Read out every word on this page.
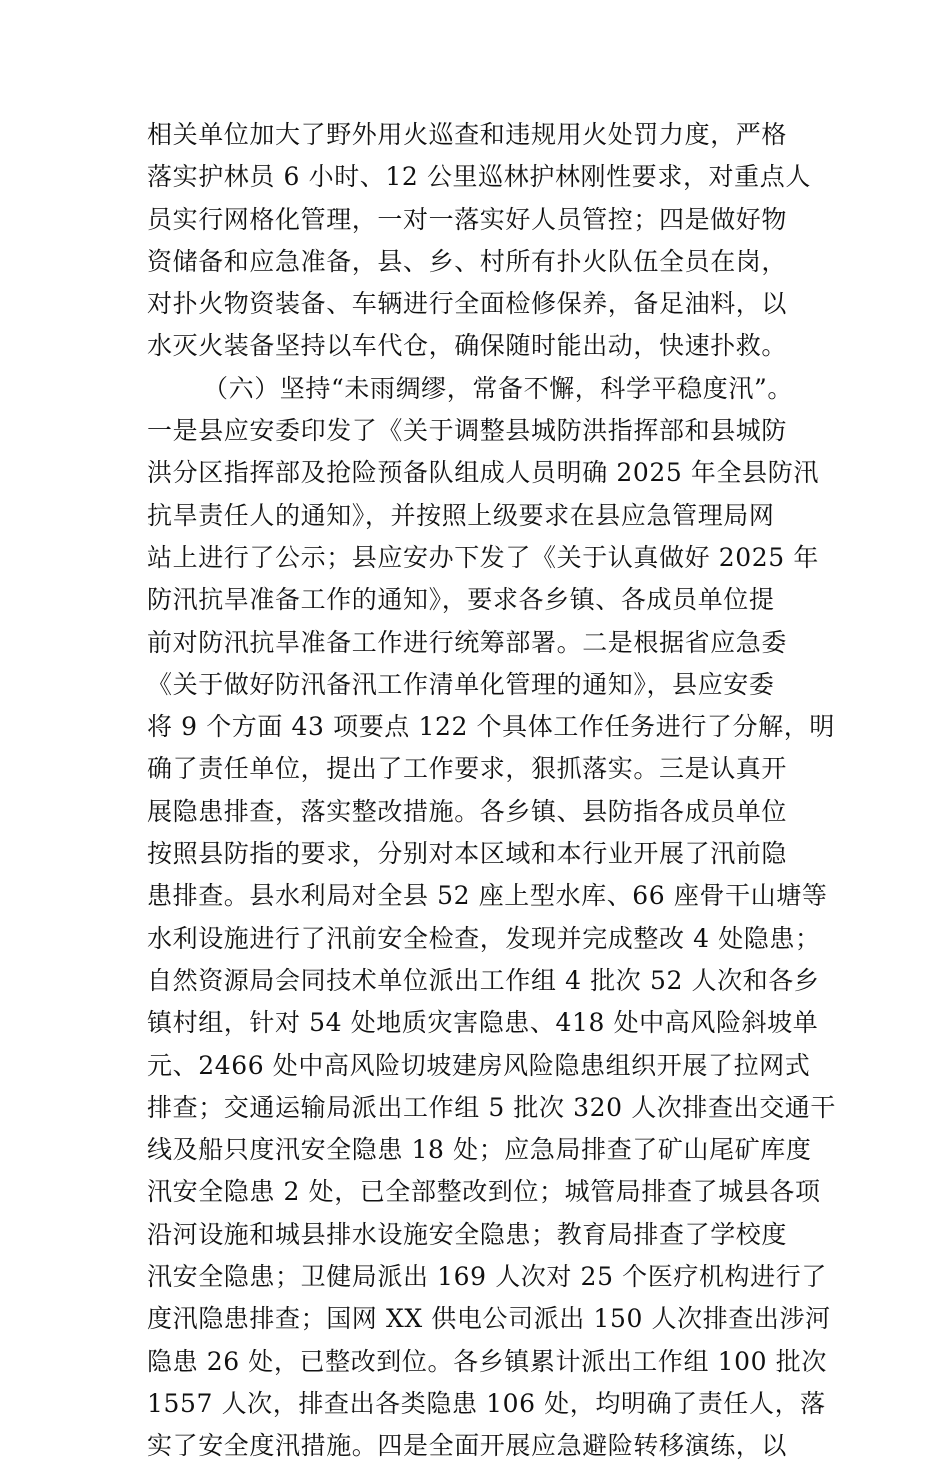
相关单位加大了野外用火巡查和违规用火处罚力度，严格
落实护林员 6 小时、12 公里巡林护林刚性要求，对重点人
员实行网格化管理，一对一落实好人员管控；四是做好物
资储备和应急准备，县、乡、村所有扑火队伍全员在岗，
对扑火物资装备、车辆进行全面检修保养，备足油料，以
水灭火装备坚持以车代仓，确保随时能出动，快速扑救。
（六）坚持“未雨绸缪，常备不懈，科学平稳度汛”。
一是县应安委印发了《关于调整县城防洪指挥部和县城防
洪分区指挥部及抢险预备队组成人员明确 2025 年全县防汛
抗旱责任人的通知》，并按照上级要求在县应急管理局网
站上进行了公示；县应安办下发了《关于认真做好 2025 年
防汛抗旱准备工作的通知》，要求各乡镇、各成员单位提
前对防汛抗旱准备工作进行统筹部署。二是根据省应急委
《关于做好防汛备汛工作清单化管理的通知》，县应安委
将 9 个方面 43 项要点 122 个具体工作任务进行了分解，明
确了责任单位，提出了工作要求，狠抓落实。三是认真开
展隐患排查，落实整改措施。各乡镇、县防指各成员单位
按照县防指的要求，分别对本区域和本行业开展了汛前隐
患排查。县水利局对全县 52 座上型水库、66 座骨干山塘等
水利设施进行了汛前安全检查，发现并完成整改 4 处隐患；
自然资源局会同技术单位派出工作组 4 批次 52 人次和各乡
镇村组，针对 54 处地质灾害隐患、418 处中高风险斜坡单
元、2466 处中高风险切坡建房风险隐患组织开展了拉网式
排查；交通运输局派出工作组 5 批次 320 人次排查出交通干
线及船只度汛安全隐患 18 处；应急局排查了矿山尾矿库度
汛安全隐患 2 处，已全部整改到位；城管局排查了城县各项
沿河设施和城县排水设施安全隐患；教育局排查了学校度
汛安全隐患；卫健局派出 169 人次对 25 个医疗机构进行了
度汛隐患排查；国网 XX 供电公司派出 150 人次排查出涉河
隐患 26 处，已整改到位。各乡镇累计派出工作组 100 批次
1557 人次，排查出各类隐患 106 处，均明确了责任人，落
实了安全度汛措施。四是全面开展应急避险转移演练，以
